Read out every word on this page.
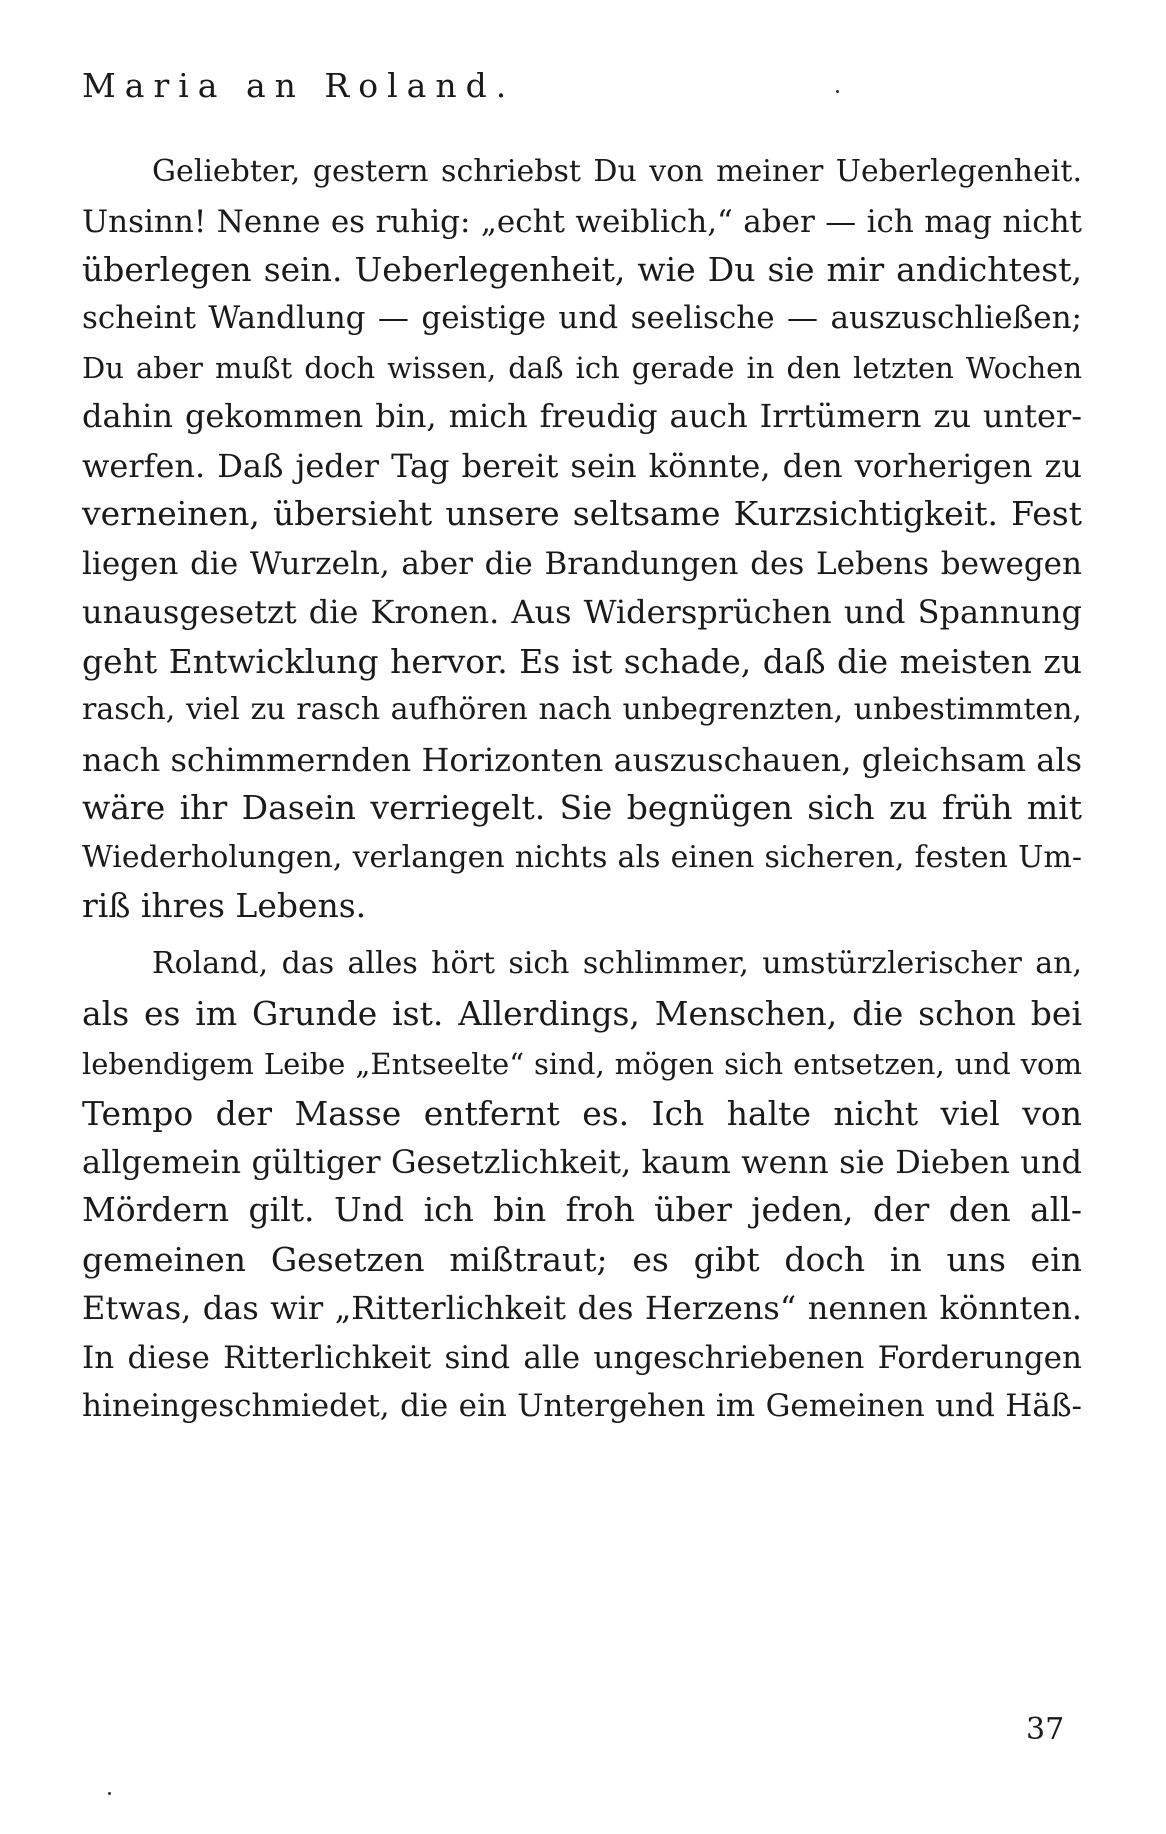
Maria an Roland.
Geliebter, gestern schriebst Du von meiner Ueberlegenheit.
Unsinn! Nenne es ruhig: „echt weiblich,“ aber — ich mag nicht
überlegen sein. Ueberlegenheit, wie Du sie mir andichtest,
scheint Wandlung — geistige und seelische — auszuschließen;
Du aber mußt doch wissen, daß ich gerade in den letzten Wochen
dahin gekommen bin, mich freudig auch Irrtümern zu unter-
werfen. Daß jeder Tag bereit sein könnte, den vorherigen zu
verneinen, übersieht unsere seltsame Kurzsichtigkeit. Fest
liegen die Wurzeln, aber die Brandungen des Lebens bewegen
unausgesetzt die Kronen. Aus Widersprüchen und Spannung
geht Entwicklung hervor. Es ist schade, daß die meisten zu
rasch, viel zu rasch aufhören nach unbegrenzten, unbestimmten,
nach schimmernden Horizonten auszuschauen, gleichsam als
wäre ihr Dasein verriegelt. Sie begnügen sich zu früh mit
Wiederholungen, verlangen nichts als einen sicheren, festen Um-
riß ihres Lebens.
Roland, das alles hört sich schlimmer, umstürzlerischer an,
als es im Grunde ist. Allerdings, Menschen, die schon bei
lebendigem Leibe „Entseelte“ sind, mögen sich entsetzen, und vom
Tempo der Masse entfernt es. Ich halte nicht viel von
allgemein gültiger Gesetzlichkeit, kaum wenn sie Dieben und
Mördern gilt. Und ich bin froh über jeden, der den all-
gemeinen Gesetzen mißtraut; es gibt doch in uns ein
Etwas, das wir „Ritterlichkeit des Herzens“ nennen könnten.
In diese Ritterlichkeit sind alle ungeschriebenen Forderungen
hineingeschmiedet, die ein Untergehen im Gemeinen und Häß-
37
